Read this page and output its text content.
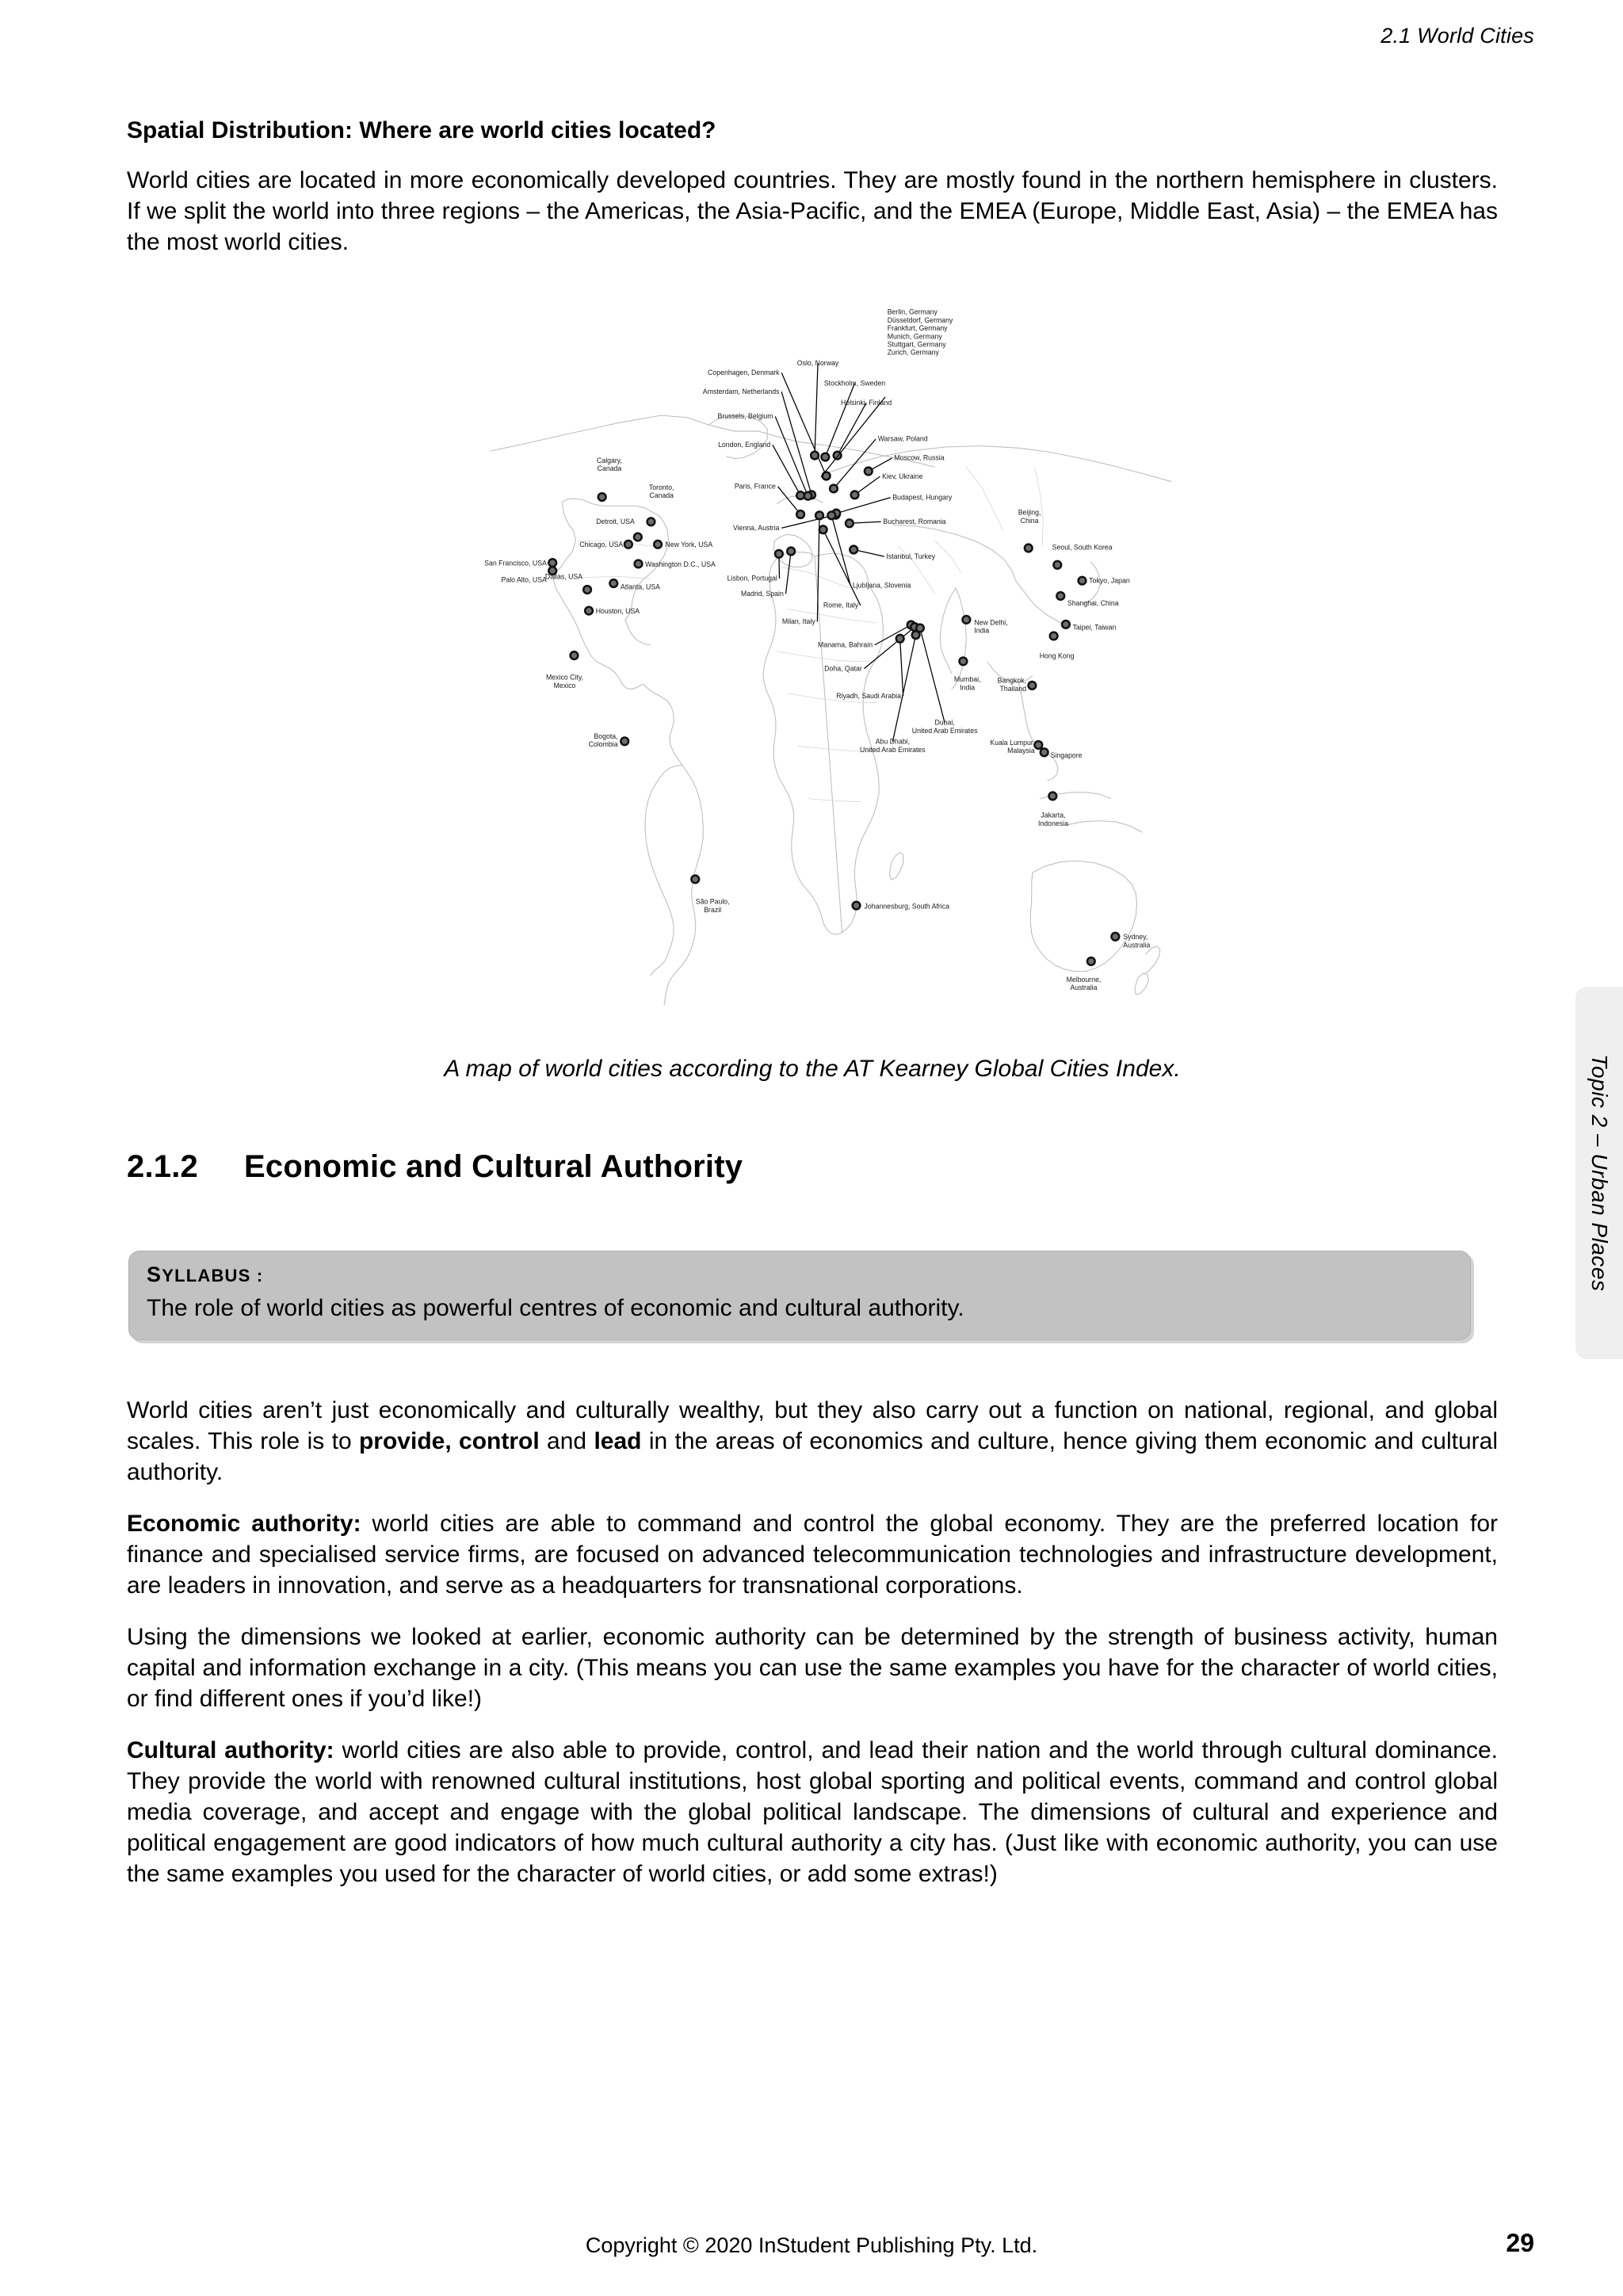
2.1 World Cities
Spatial Distribution: Where are world cities located?

World cities are located in more economically developed countries. They are mostly found in the northern hemisphere in clusters. If we split the world into three regions – the Americas, the Asia-Pacific, and the EMEA (Europe, Middle East, Asia) – the EMEA has the most world cities.

Calgary, Canada
Toronto, Canada
Detroit, USA
Chicago, USA	New York, USA
Washington D.C., USA
San Francisco, USA
Palo Alto, USA
Dallas, USA
Atlanta, USA
Houston, USA
Mexico City, Mexico
Bogota, Colombia
São Paulo, Brazil
Copenhagen, Denmark
Amsterdam, Netherlands
Brussels, Belgium
London, England
Paris, France
Vienna, Austria
Oslo, Norway
Stockholm, Sweden
Helsinki, Finland
Warsaw, Poland
Moscow, Russia
Kiev, Ukraine
Budapest, Hungary
Bucharest, Romania
Istanbul, Turkey
Ljubljana, Slovenia
Rome, Italy
Milan, Italy
Lisbon, Portugal
Madrid, Spain
Manama, Bahrain
Doha, Qatar
Riyadh, Saudi Arabia
Abu Dhabi, United Arab Emirates
Dubai, United Arab Emirates
New Delhi, India
Mumbai, India
Beijing, China
Seoul, South Korea
Tokyo, Japan
Shanghai, China
Taipei, Taiwan
Hong Kong
Bangkok, Thailand
Kuala Lumpur, Malaysia
Singapore
Jakarta, Indonesia
Johannesburg, South Africa
Sydney, Australia
Melbourne, Australia
Berlin, Germany Düsseldorf, Germany Frankfurt, Germany Munich, Germany Stuttgart, Germany Zurich, Germany
A map of world cities according to the AT Kearney Global Cities Index.
2.1.2 Economic and Cultural Authority
SYLLABUS :
The role of world cities as powerful centres of economic and cultural authority.

World cities aren’t just economically and culturally wealthy, but they also carry out a function on national, regional, and global scales. This role is to provide, control and lead in the areas of economics and culture, hence giving them economic and cultural authority.

Economic authority: world cities are able to command and control the global economy. They are the preferred location for finance and specialised service firms, are focused on advanced telecommunication technologies and infrastructure development, are leaders in innovation, and serve as a headquarters for transnational corporations.

Using the dimensions we looked at earlier, economic authority can be determined by the strength of business activity, human capital and information exchange in a city. (This means you can use the same examples you have for the character of world cities, or find different ones if you’d like!)

Cultural authority: world cities are also able to provide, control, and lead their nation and the world through cultural dominance. They provide the world with renowned cultural institutions, host global sporting and political events, command and control global media coverage, and accept and engage with the global political landscape. The dimensions of cultural and experience and political engagement are good indicators of how much cultural authority a city has. (Just like with economic authority, you can use the same examples you used for the character of world cities, or add some extras!)

Topic 2 – Urban Places
Copyright © 2020 InStudent Publishing Pty. Ltd.	29
